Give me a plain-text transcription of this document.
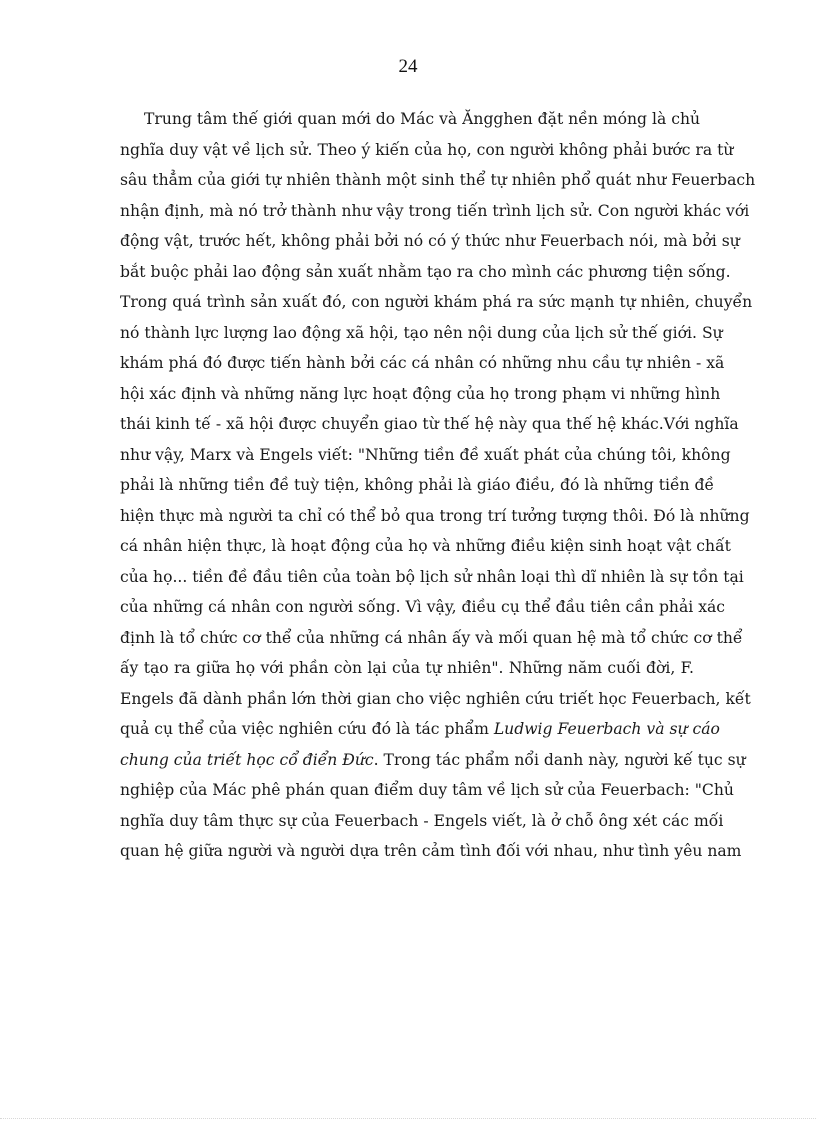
24
Trung tâm thế giới quan mới do Mác và Ăngghen đặt nền móng là chủ
nghĩa duy vật về lịch sử. Theo ý kiến của họ, con người không phải bước ra từ
sâu thẳm của giới tự nhiên thành một sinh thể tự nhiên phổ quát như Feuerbach
nhận định, mà nó trở thành như vậy trong tiến trình lịch sử. Con người khác với
động vật, trước hết, không phải bởi nó có ý thức như Feuerbach nói, mà bởi sự
bắt buộc phải lao động sản xuất nhằm tạo ra cho mình các phương tiện sống.
Trong quá trình sản xuất đó, con người khám phá ra sức mạnh tự nhiên, chuyển
nó thành lực lượng lao động xã hội, tạo nên nội dung của lịch sử thế giới. Sự
khám phá đó được tiến hành bởi các cá nhân có những nhu cầu tự nhiên - xã
hội xác định và những năng lực hoạt động của họ trong phạm vi những hình
thái kinh tế - xã hội được chuyển giao từ thế hệ này qua thế hệ khác.Với nghĩa
như vậy, Marx và Engels viết: "Những tiền đề xuất phát của chúng tôi, không
phải là những tiền đề tuỳ tiện, không phải là giáo điều, đó là những tiền đề
hiện thực mà người ta chỉ có thể bỏ qua trong trí tưởng tượng thôi. Đó là những
cá nhân hiện thực, là hoạt động của họ và những điều kiện sinh hoạt vật chất
của họ... tiền đề đầu tiên của toàn bộ lịch sử nhân loại thì dĩ nhiên là sự tồn tại
của những cá nhân con người sống. Vì vậy, điều cụ thể đầu tiên cần phải xác
định là tổ chức cơ thể của những cá nhân ấy và mối quan hệ mà tổ chức cơ thể
ấy tạo ra giữa họ với phần còn lại của tự nhiên". Những năm cuối đời, F.
Engels đã dành phần lớn thời gian cho việc nghiên cứu triết học Feuerbach, kết
quả cụ thể của việc nghiên cứu đó là tác phẩm Ludwig Feuerbach và sự cáo
chung của triết học cổ điển Đức. Trong tác phẩm nổi danh này, người kế tục sự
nghiệp của Mác phê phán quan điểm duy tâm về lịch sử của Feuerbach: "Chủ
nghĩa duy tâm thực sự của Feuerbach - Engels viết, là ở chỗ ông xét các mối
quan hệ giữa người và người dựa trên cảm tình đối với nhau, như tình yêu nam
